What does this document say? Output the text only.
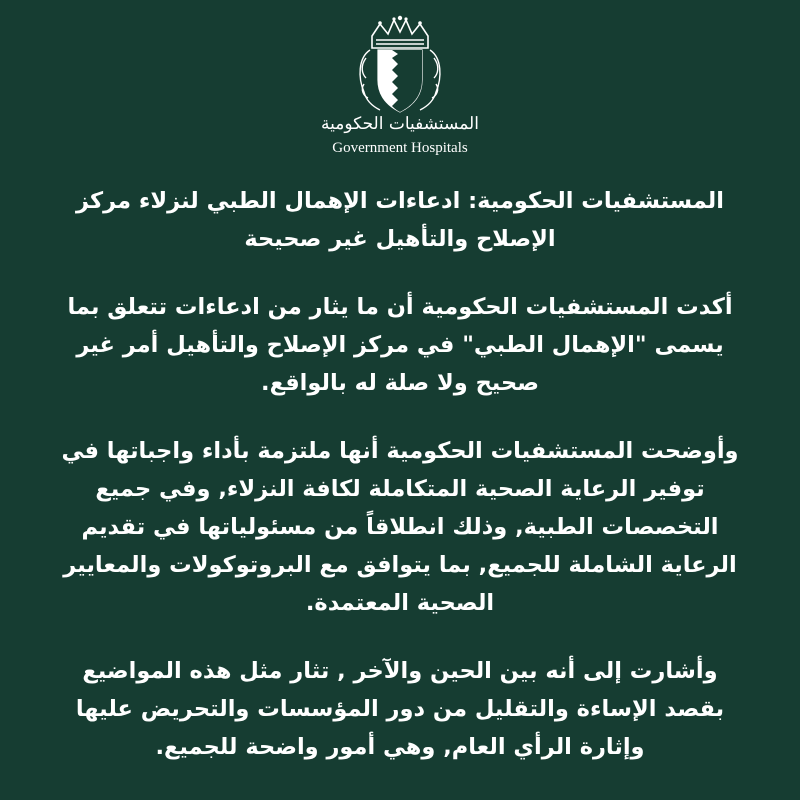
المستشفيات الحكومية
Government Hospitals

المستشفيات الحكومية: ادعاءات الإهمال الطبي لنزلاء مركز الإصلاح والتأهيل غير صحيحة

أكدت المستشفيات الحكومية أن ما يثار من ادعاءات تتعلق بما يسمى "الإهمال الطبي" في مركز الإصلاح والتأهيل أمر غير صحيح ولا صلة له بالواقع.

وأوضحت المستشفيات الحكومية أنها ملتزمة بأداء واجباتها في توفير الرعاية الصحية المتكاملة لكافة النزلاء, وفي جميع التخصصات الطبية, وذلك انطلاقاً من مسئولياتها في تقديم الرعاية الشاملة للجميع, بما يتوافق مع البروتوكولات والمعايير الصحية المعتمدة.

وأشارت إلى أنه بين الحين والآخر , تثار مثل هذه المواضيع بقصد الإساءة والتقليل من دور المؤسسات والتحريض عليها وإثارة الرأي العام, وهي أمور واضحة للجميع.
